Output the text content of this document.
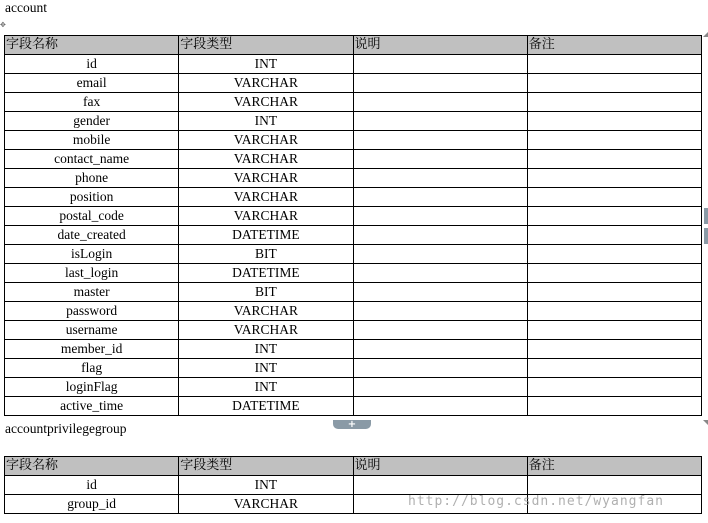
✥
account
字段名称	字段类型	说明	备注
id	INT		
email	VARCHAR		
fax	VARCHAR		
gender	INT		
mobile	VARCHAR		
contact_name	VARCHAR		
phone	VARCHAR		
position	VARCHAR		
postal_code	VARCHAR		
date_created	DATETIME		
isLogin	BIT		
last_login	DATETIME		
master	BIT		
password	VARCHAR		
username	VARCHAR		
member_id	INT		
flag	INT		
loginFlag	INT		
active_time	DATETIME		
+
accountprivilegegroup
字段名称	字段类型	说明	备注
id	INT		
group_id	VARCHAR			http://blog.csdn.net/wyangfan
